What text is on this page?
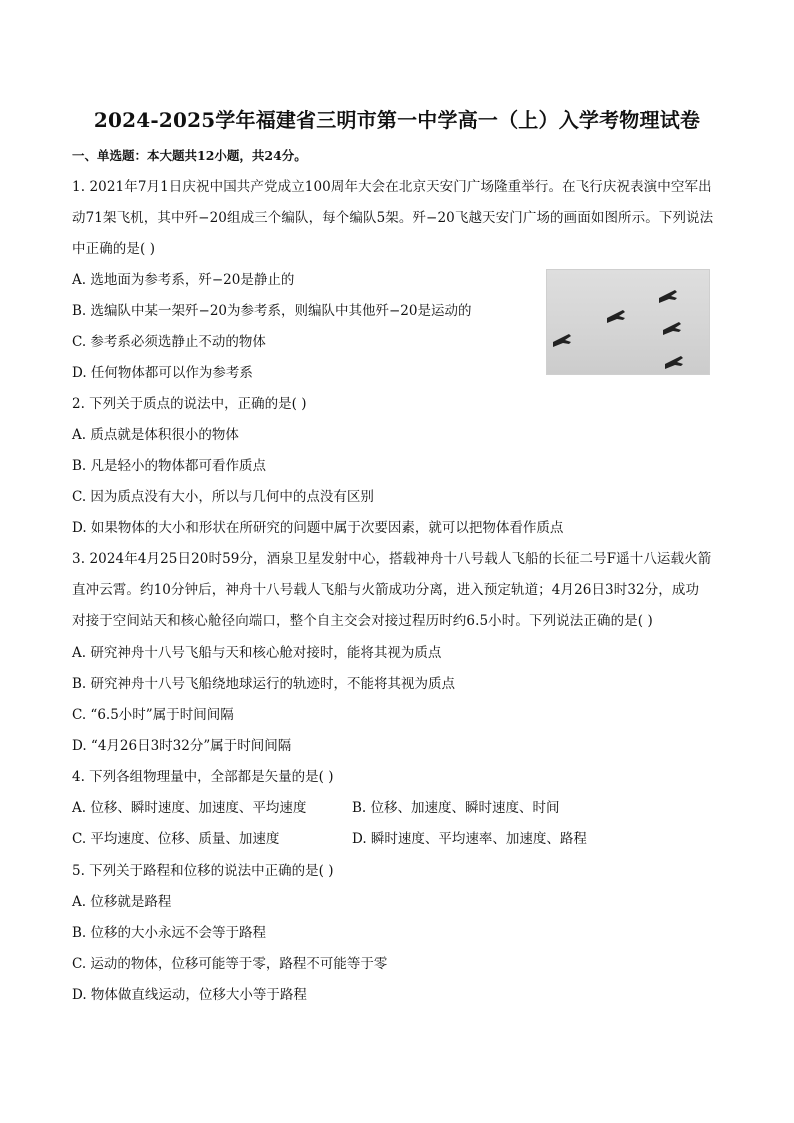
2024-2025学年福建省三明市第一中学高一（上）入学考物理试卷
一、单选题：本大题共12小题，共24分。
1. 2021年7月1日庆祝中国共产党成立100周年大会在北京天安门广场隆重举行。在飞行庆祝表演中空军出
动71架飞机，其中歼−20组成三个编队，每个编队5架。歼−20飞越天安门广场的画面如图所示。下列说法
中正确的是( )
A. 选地面为参考系，歼−20是静止的
B. 选编队中某一架歼−20为参考系，则编队中其他歼−20是运动的
C. 参考系必须选静止不动的物体
D. 任何物体都可以作为参考系
2. 下列关于质点的说法中，正确的是( )
A. 质点就是体积很小的物体
B. 凡是轻小的物体都可看作质点
C. 因为质点没有大小，所以与几何中的点没有区别
D. 如果物体的大小和形状在所研究的问题中属于次要因素，就可以把物体看作质点
3. 2024年4月25日20时59分，酒泉卫星发射中心，搭载神舟十八号载人飞船的长征二号F遥十八运载火箭
直冲云霄。约10分钟后，神舟十八号载人飞船与火箭成功分离，进入预定轨道；4月26日3时32分，成功
对接于空间站天和核心舱径向端口，整个自主交会对接过程历时约6.5小时。下列说法正确的是( )
A. 研究神舟十八号飞船与天和核心舱对接时，能将其视为质点
B. 研究神舟十八号飞船绕地球运行的轨迹时，不能将其视为质点
C. “6.5小时”属于时间间隔
D. “4月26日3时32分”属于时间间隔
4. 下列各组物理量中，全部都是矢量的是( )
A. 位移、瞬时速度、加速度、平均速度	B. 位移、加速度、瞬时速度、时间
C. 平均速度、位移、质量、加速度	D. 瞬时速度、平均速率、加速度、路程
5. 下列关于路程和位移的说法中正确的是( )
A. 位移就是路程
B. 位移的大小永远不会等于路程
C. 运动的物体，位移可能等于零，路程不可能等于零
D. 物体做直线运动，位移大小等于路程
